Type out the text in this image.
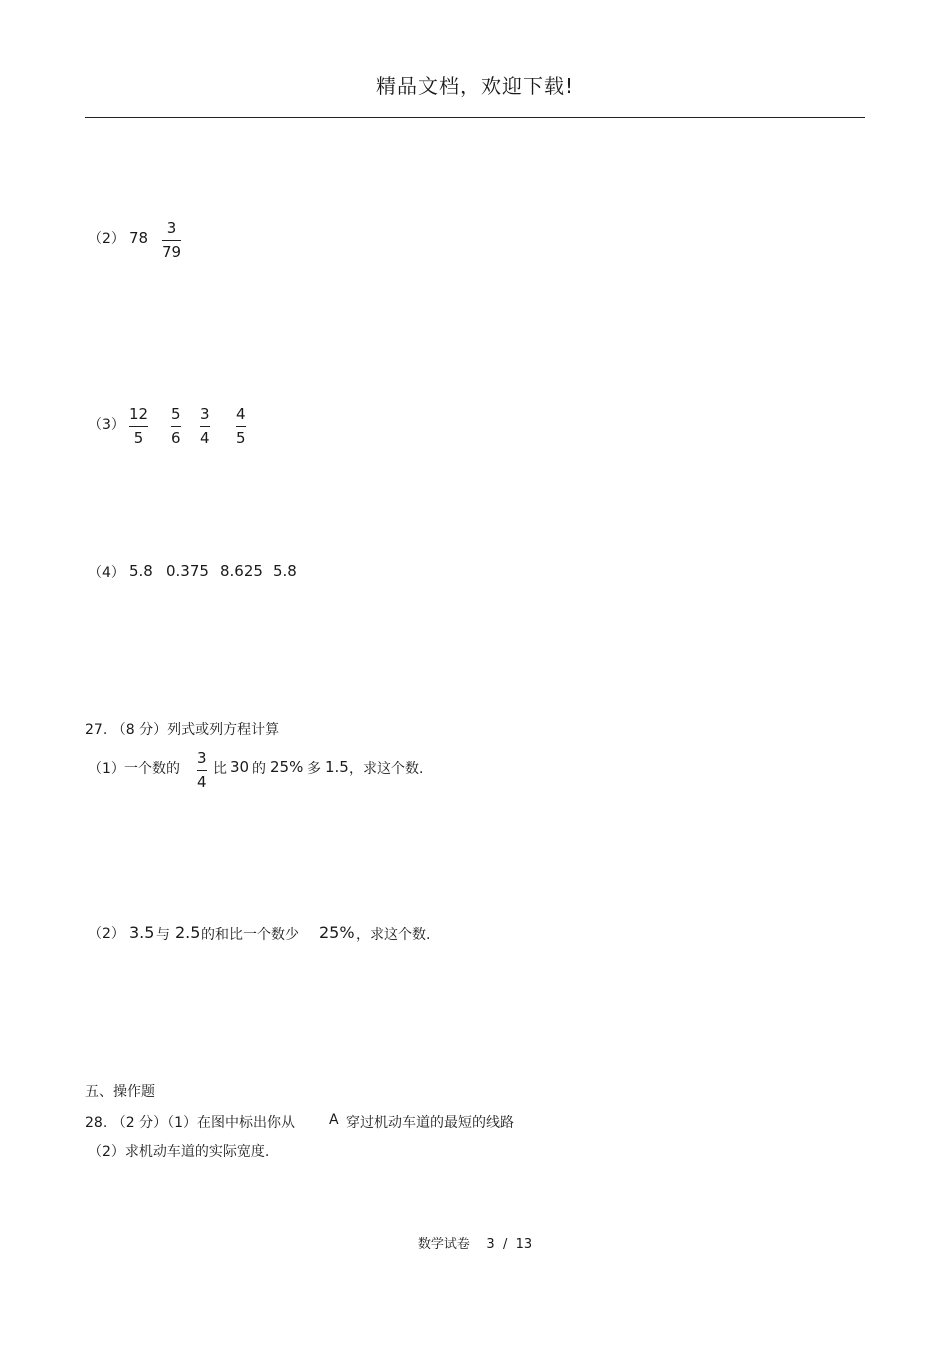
精品文档，欢迎下载!
（2） 78
3
79
（3）
12
5
5
6
3
4
4
5
（4） 5.8 0.375 8.625 5.8
27. （8 分）列式或列方程计算
（1） 一个数的
3
4
比 30 的 25% 多 1.5 ，求这个数.
（2） 3.5 与 2.5 的和比一个数少 25% ，求这个数.
五、操作题
28. （2 分）（1）在图中标出你从 A 穿过机动车道的最短的线路
（2）求机动车道的实际宽度.
数学试卷 3 / 13
